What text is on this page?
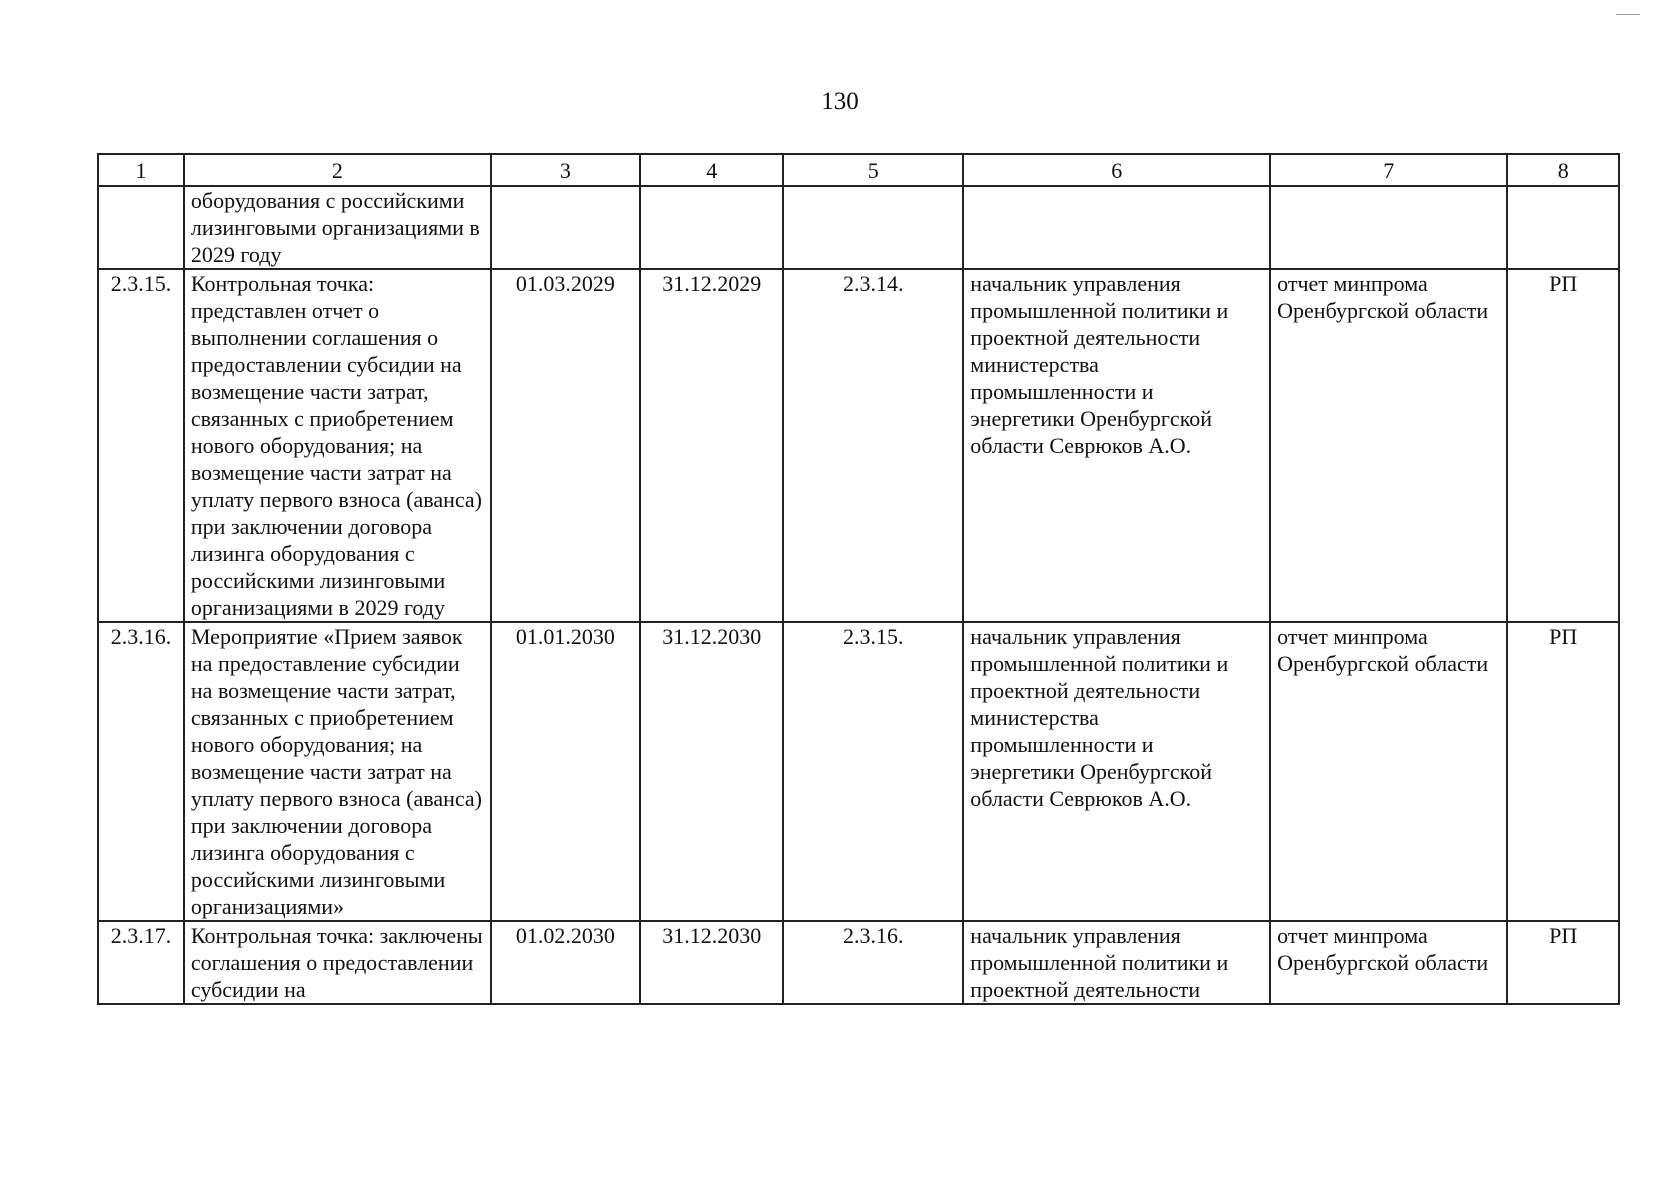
130
1	2	3	4	5	6	7	8
	оборудования с российскими лизинговыми организациями в 2029 году						
2.3.15.	Контрольная точка: представлен отчет о выполнении соглашения о предоставлении субсидии на возмещение части затрат, связанных с приобретением нового оборудования; на возмещение части затрат на уплату первого взноса (аванса) при заключении договора лизинга оборудования с российскими лизинговыми организациями в 2029 году	01.03.2029	31.12.2029	2.3.14.	начальник управления промышленной политики и проектной деятельности министерства промышленности и энергетики Оренбургской области Севрюков А.О.	отчет минпрома Оренбургской области	РП
2.3.16.	Мероприятие «Прием заявок на предоставление субсидии на возмещение части затрат, связанных с приобретением нового оборудования; на возмещение части затрат на уплату первого взноса (аванса) при заключении договора лизинга оборудования с российскими лизинговыми организациями»	01.01.2030	31.12.2030	2.3.15.	начальник управления промышленной политики и проектной деятельности министерства промышленности и энергетики Оренбургской области Севрюков А.О.	отчет минпрома Оренбургской области	РП
2.3.17.	Контрольная точка: заключены соглашения о предоставлении субсидии на	01.02.2030	31.12.2030	2.3.16.	начальник управления промышленной политики и проектной деятельности	отчет минпрома Оренбургской области	РП
